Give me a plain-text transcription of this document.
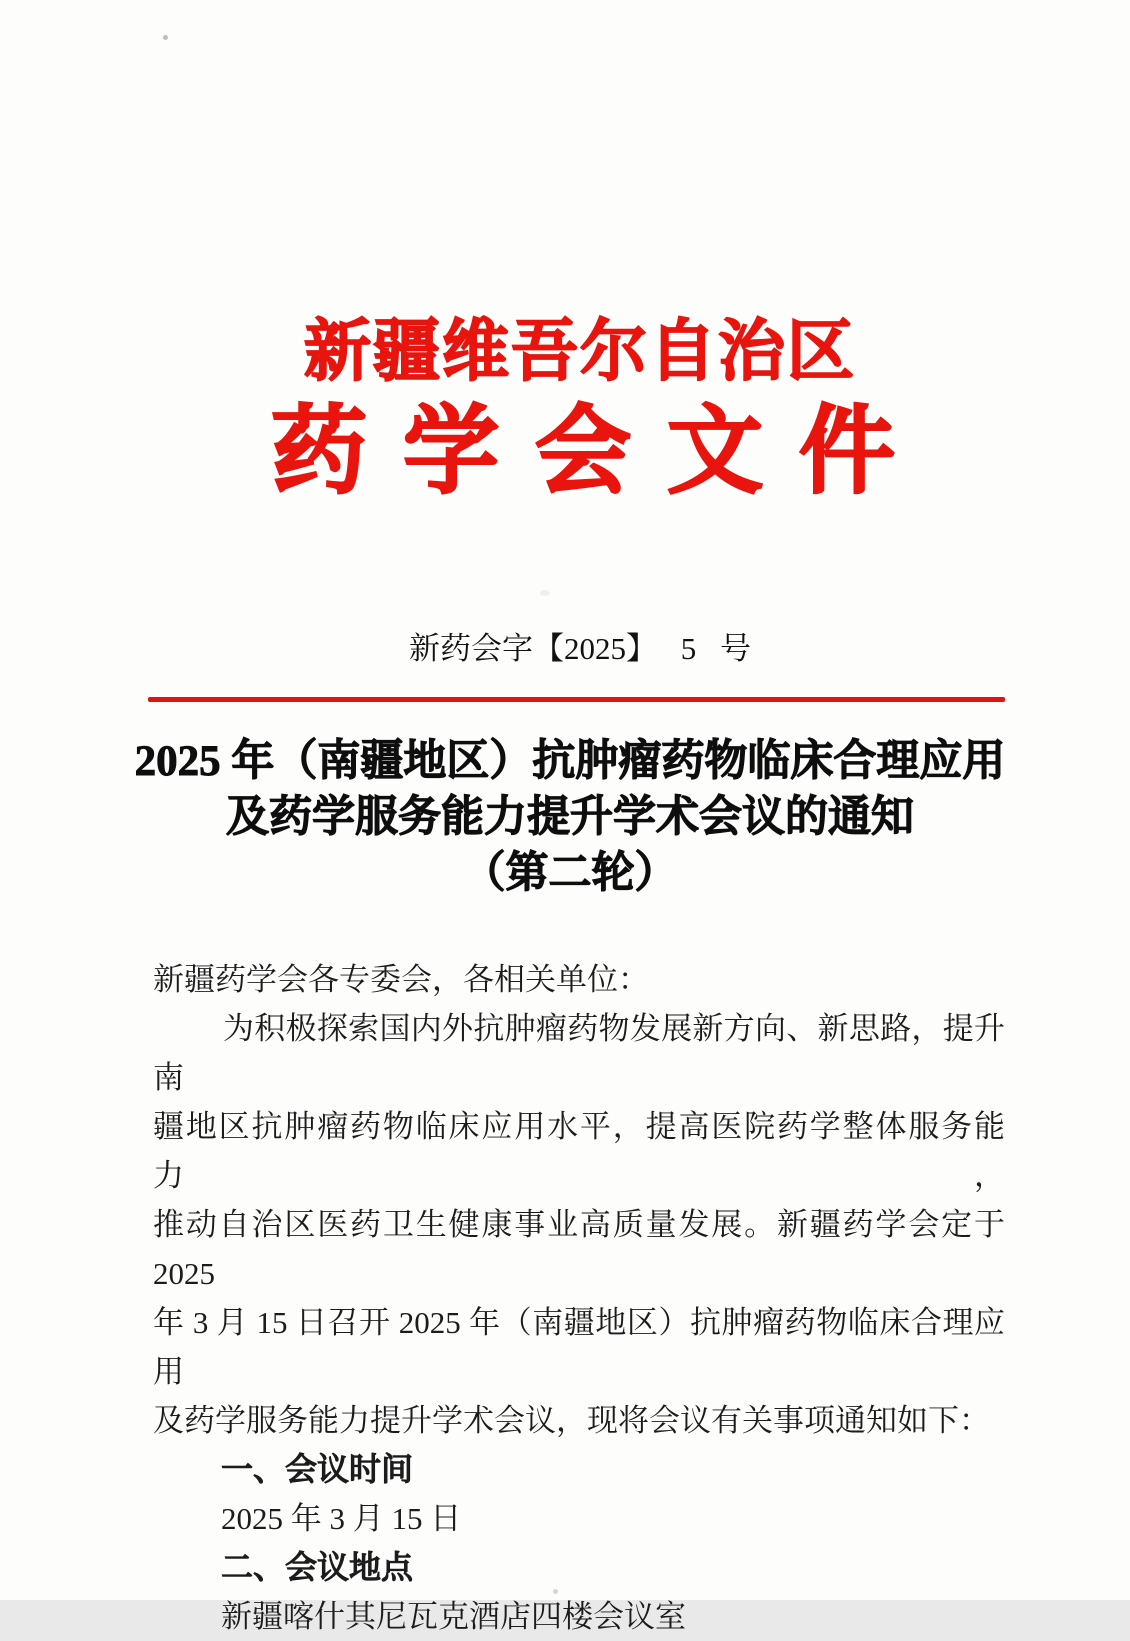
新疆维吾尔自治区
药 学 会 文 件
新药会字【2025】 5 号
2025 年（南疆地区）抗肿瘤药物临床合理应用
及药学服务能力提升学术会议的通知
（第二轮）
新疆药学会各专委会，各相关单位：
为积极探索国内外抗肿瘤药物发展新方向、新思路，提升南
疆地区抗肿瘤药物临床应用水平，提高医院药学整体服务能力，
推动自治区医药卫生健康事业高质量发展。新疆药学会定于 2025
年 3 月 15 日召开 2025 年（南疆地区）抗肿瘤药物临床合理应用
及药学服务能力提升学术会议，现将会议有关事项通知如下：
一、会议时间
2025 年 3 月 15 日
二、会议地点
新疆喀什其尼瓦克酒店四楼会议室
